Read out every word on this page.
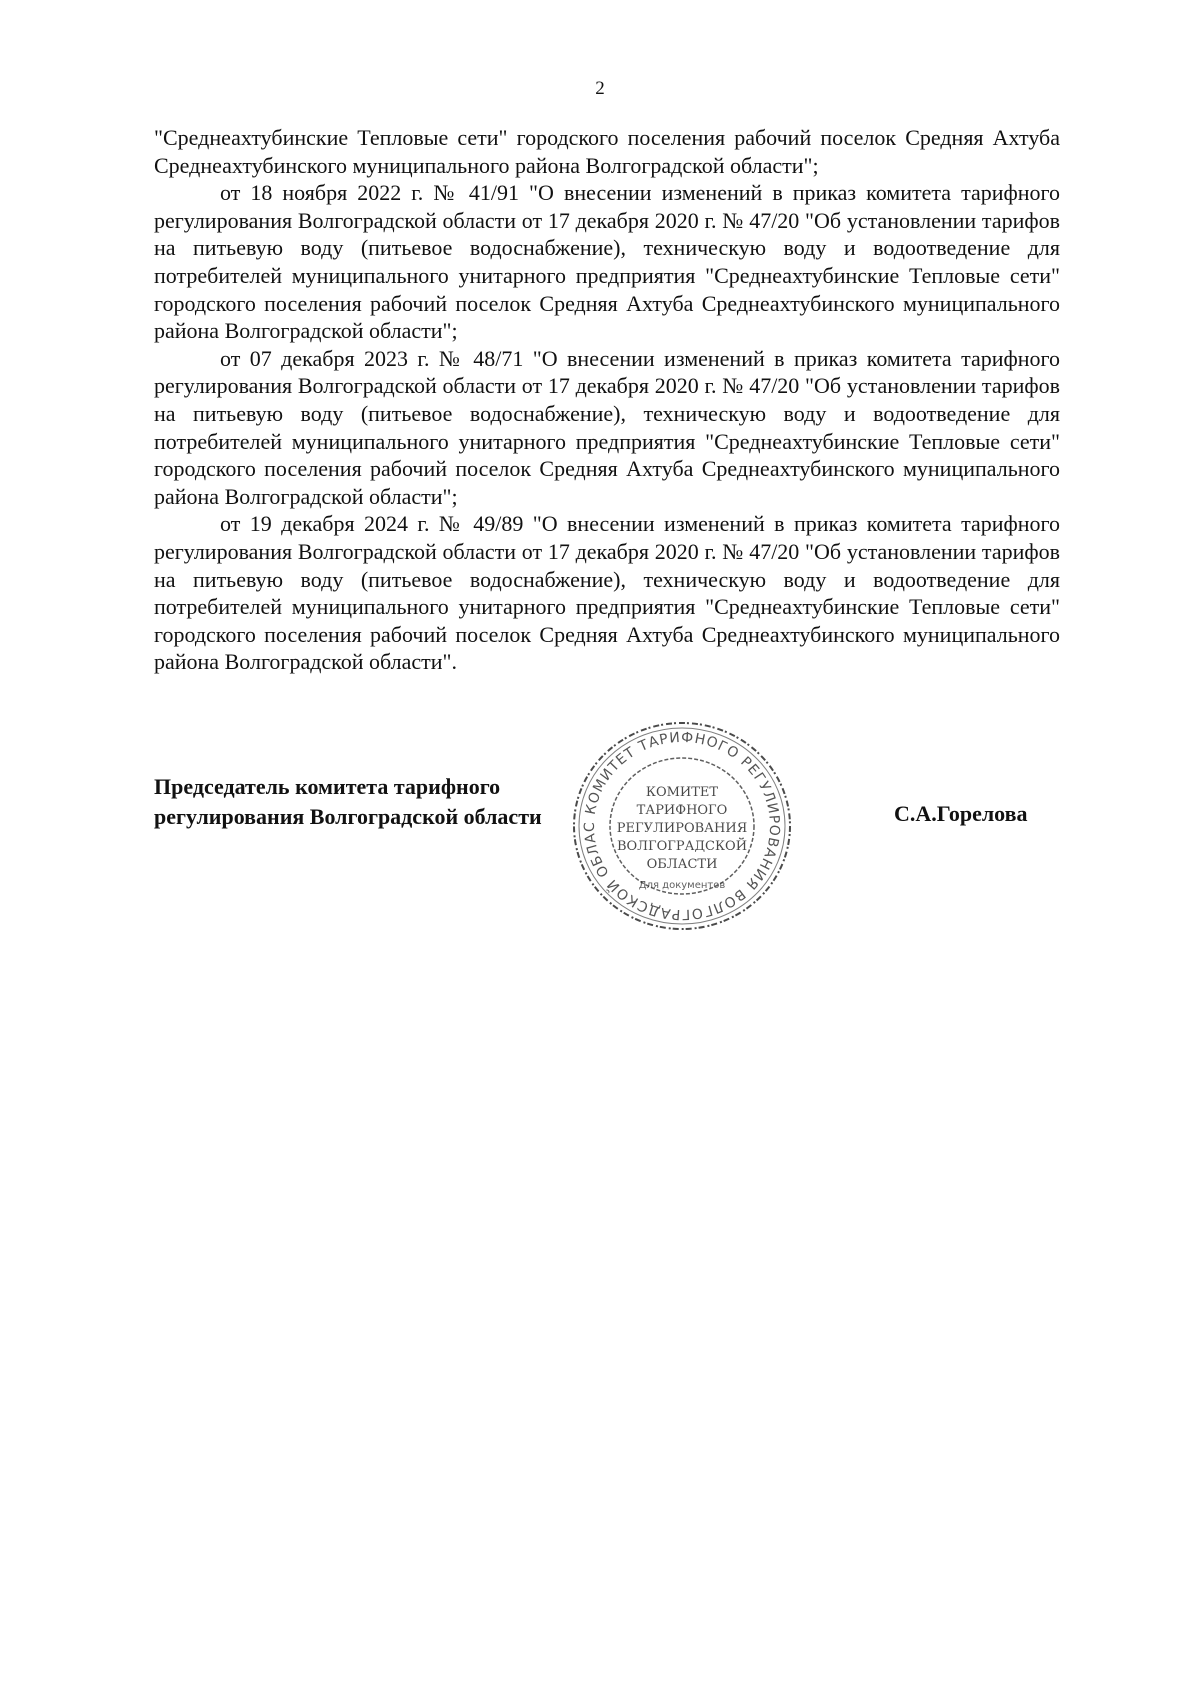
2

"Среднеахтубинские Тепловые сети" городского поселения рабочий поселок Средняя Ахтуба Среднеахтубинского муниципального района Волгоградской области";

от 18 ноября 2022 г. № 41/91 "О внесении изменений в приказ комитета тарифного регулирования Волгоградской области от 17 декабря 2020 г. № 47/20 "Об установлении тарифов на питьевую воду (питьевое водоснабжение), техническую воду и водоотведение для потребителей муниципального унитарного предприятия "Среднеахтубинские Тепловые сети" городского поселения рабочий поселок Средняя Ахтуба Среднеахтубинского муниципального района Волгоградской области";

от 07 декабря 2023 г. № 48/71 "О внесении изменений в приказ комитета тарифного регулирования Волгоградской области от 17 декабря 2020 г. № 47/20 "Об установлении тарифов на питьевую воду (питьевое водоснабжение), техническую воду и водоотведение для потребителей муниципального унитарного предприятия "Среднеахтубинские Тепловые сети" городского поселения рабочий поселок Средняя Ахтуба Среднеахтубинского муниципального района Волгоградской области";

от 19 декабря 2024 г. № 49/89 "О внесении изменений в приказ комитета тарифного регулирования Волгоградской области от 17 декабря 2020 г. № 47/20 "Об установлении тарифов на питьевую воду (питьевое водоснабжение), техническую воду и водоотведение для потребителей муниципального унитарного предприятия "Среднеахтубинские Тепловые сети" городского поселения рабочий поселок Средняя Ахтуба Среднеахтубинского муниципального района Волгоградской области".

Председатель комитета тарифного
регулирования Волгоградской области	С.А.Горелова
КОМИТЕТ ТАРИФНОГО РЕГУЛИРОВАНИЯ ВОЛГОГРАДСКОЙ ОБЛАС
КОМИТЕТ
ТАРИФНОГО
РЕГУЛИРОВАНИЯ
ВОЛГОГРАДСКОЙ
ОБЛАСТИ
Для документов
